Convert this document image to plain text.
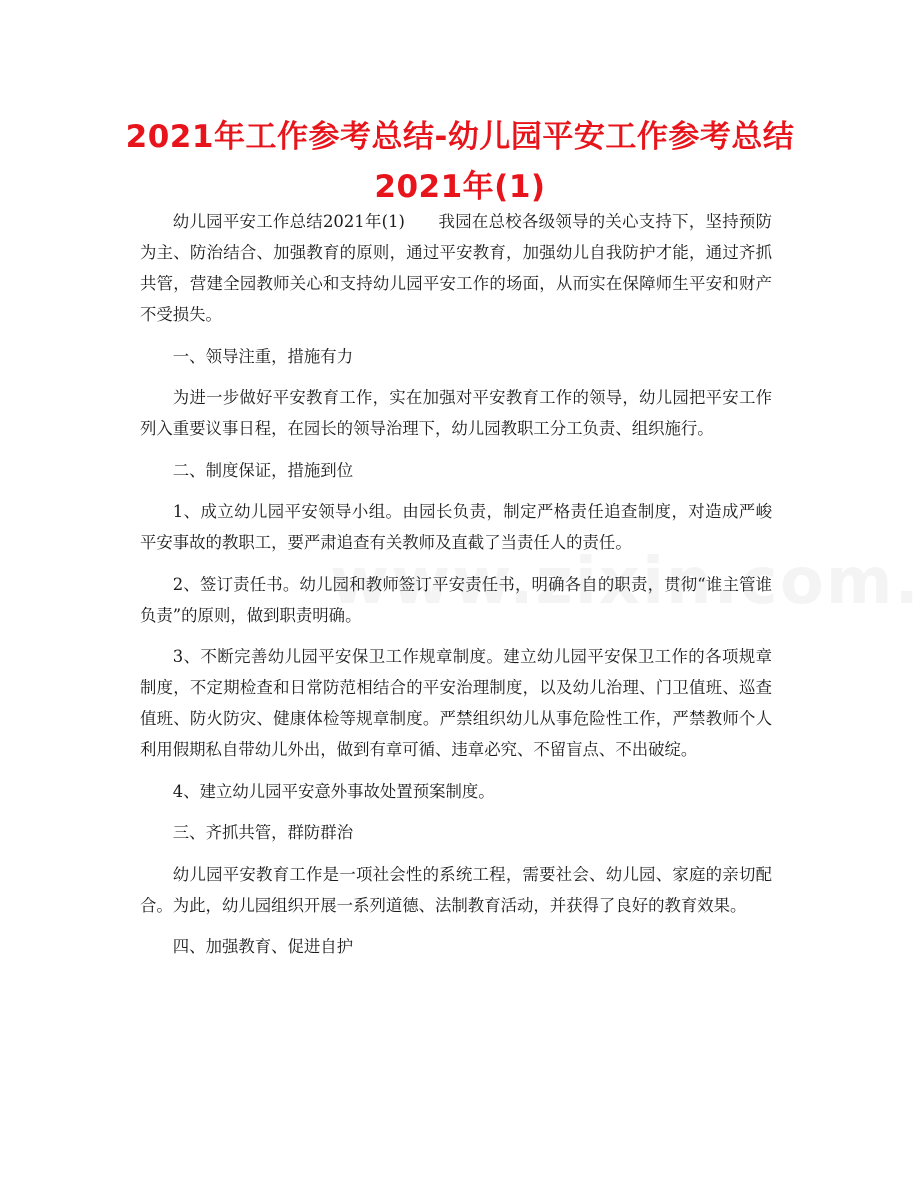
2021年工作参考总结-幼儿园平安工作参考总结
2021年(1)

幼儿园平安工作总结2021年(1)　　我园在总校各级领导的关心支持下，坚持预防为主、防治结合、加强教育的原则，通过平安教育，加强幼儿自我防护才能，通过齐抓共管，营建全园教师关心和支持幼儿园平安工作的场面，从而实在保障师生平安和财产不受损失。

一、领导注重，措施有力

为进一步做好平安教育工作，实在加强对平安教育工作的领导，幼儿园把平安工作列入重要议事日程，在园长的领导治理下，幼儿园教职工分工负责、组织施行。

二、制度保证，措施到位

1、成立幼儿园平安领导小组。由园长负责，制定严格责任追查制度，对造成严峻平安事故的教职工，要严肃追查有关教师及直截了当责任人的责任。

2、签订责任书。幼儿园和教师签订平安责任书，明确各自的职责，贯彻“谁主管谁负责”的原则，做到职责明确。

3、不断完善幼儿园平安保卫工作规章制度。建立幼儿园平安保卫工作的各项规章制度，不定期检查和日常防范相结合的平安治理制度，以及幼儿治理、门卫值班、巡查值班、防火防灾、健康体检等规章制度。严禁组织幼儿从事危险性工作，严禁教师个人利用假期私自带幼儿外出，做到有章可循、违章必究、不留盲点、不出破绽。

4、建立幼儿园平安意外事故处置预案制度。

三、齐抓共管，群防群治

幼儿园平安教育工作是一项社会性的系统工程，需要社会、幼儿园、家庭的亲切配合。为此，幼儿园组织开展一系列道德、法制教育活动，并获得了良好的教育效果。

四、加强教育、促进自护
